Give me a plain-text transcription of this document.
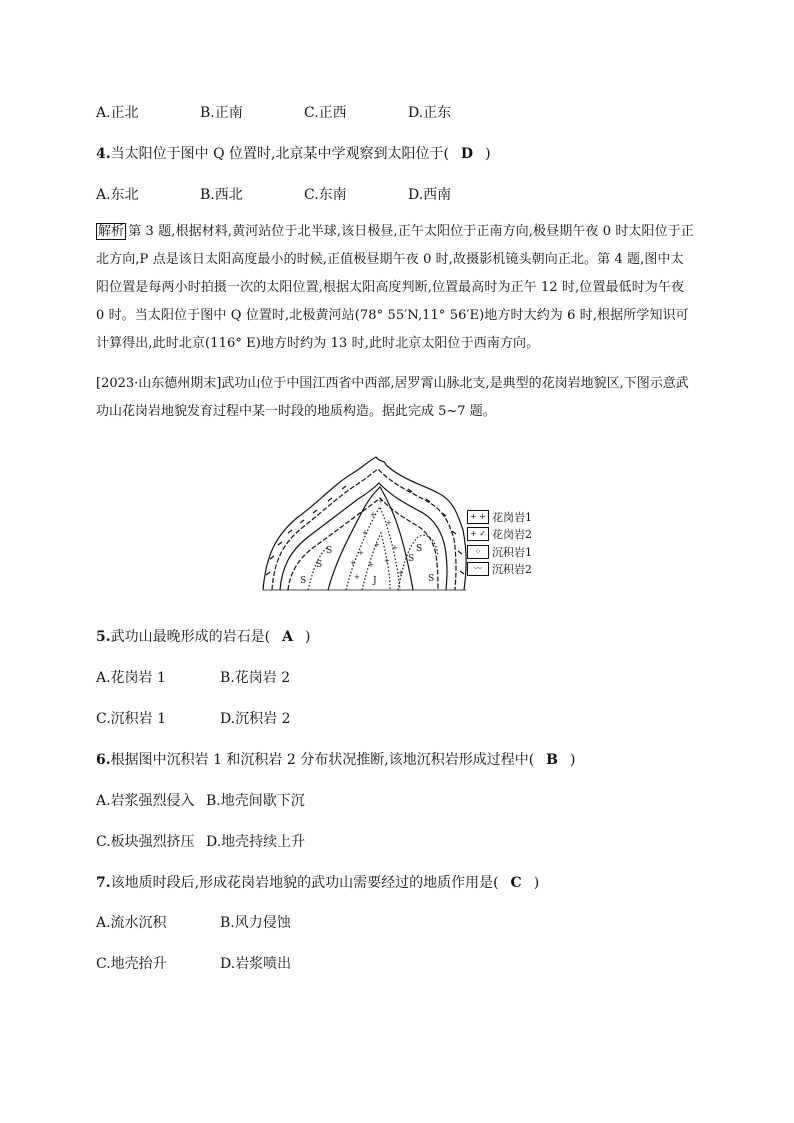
A.正北	B.正南	C.正西	D.正东
4.当太阳位于图中 Q 位置时,北京某中学观察到太阳位于( D )
A.东北	B.西北	C.东南	D.西南
解析 第 3 题,根据材料,黄河站位于北半球,该日极昼,正午太阳位于正南方向,极昼期午夜 0 时太阳位于正北方向,P 点是该日太阳高度最小的时候,正值极昼期午夜 0 时,故摄影机镜头朝向正北。第 4 题,图中太阳位置是每两小时拍摄一次的太阳位置,根据太阳高度判断,位置最高时为正午 12 时,位置最低时为午夜 0 时。当太阳位于图中 Q 位置时,北极黄河站(78° 55′N,11° 56′E)地方时大约为 6 时,根据所学知识可计算得出,此时北京(116° E)地方时约为 13 时,此时北京太阳位于西南方向。
[2023·山东德州期末]武功山位于中国江西省中西部,居罗霄山脉北支,是典型的花岗岩地貌区,下图示意武功山花岗岩地貌发育过程中某一时段的地质构造。据此完成 5~7 题。
S
S
J
S
S
S
S
+
+
+
+
+
+
+ +
+	+
+
+
+ + 花岗岩1
+ ✓ 花岗岩2
⁘ 沉积岩1
〰 沉积岩2
5.武功山最晚形成的岩石是( A )
A.花岗岩 1	B.花岗岩 2
C.沉积岩 1	D.沉积岩 2
6.根据图中沉积岩 1 和沉积岩 2 分布状况推断,该地沉积岩形成过程中( B )
A.岩浆强烈侵入 B.地壳间歇下沉
C.板块强烈挤压 D.地壳持续上升
7.该地质时段后,形成花岗岩地貌的武功山需要经过的地质作用是( C )
A.流水沉积	B.风力侵蚀
C.地壳抬升	D.岩浆喷出
